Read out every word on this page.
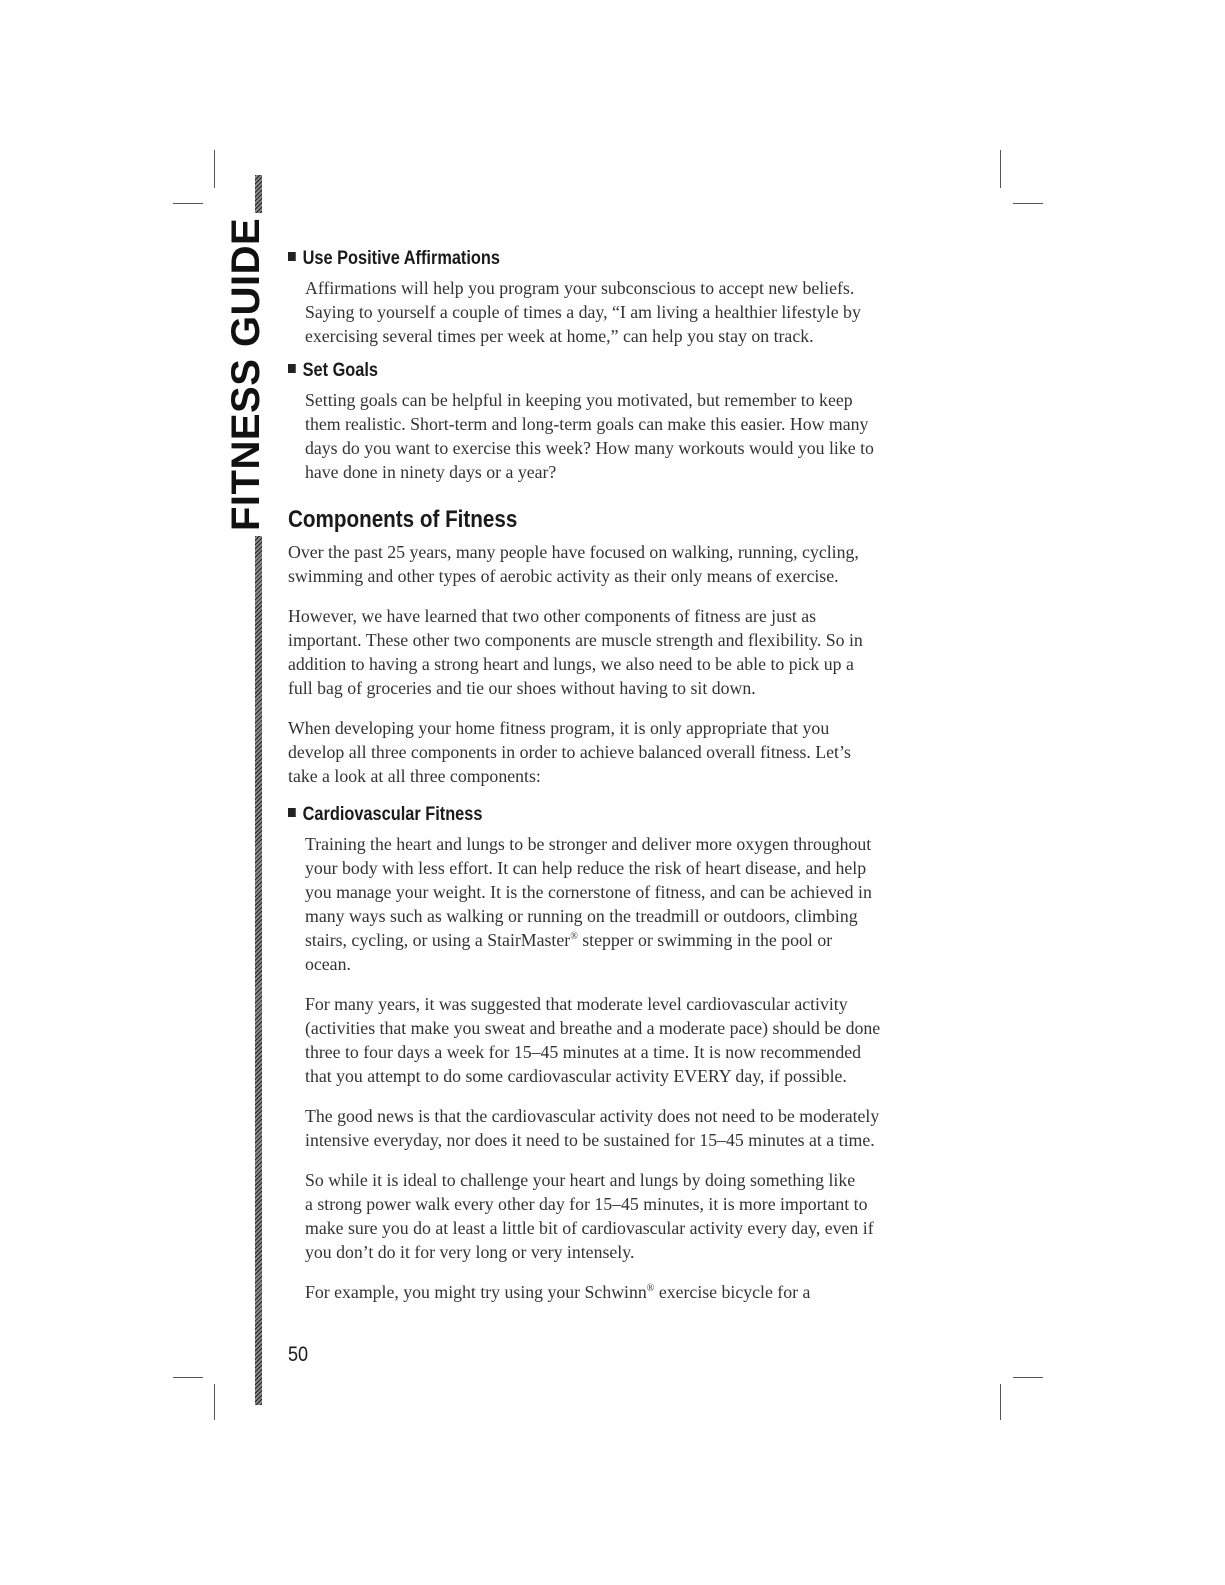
FITNESS GUIDE	Use Positive Affirmations

Affirmations will help you program your subconscious to accept new beliefs.
Saying to yourself a couple of times a day, “I am living a healthier lifestyle by
exercising several times per week at home,” can help you stay on track.

Set Goals

Setting goals can be helpful in keeping you motivated, but remember to keep
them realistic. Short-term and long-term goals can make this easier. How many
days do you want to exercise this week? How many workouts would you like to
have done in ninety days or a year?

Components of Fitness

Over the past 25 years, many people have focused on walking, running, cycling,
swimming and other types of aerobic activity as their only means of exercise.

However, we have learned that two other components of fitness are just as
important. These other two components are muscle strength and flexibility. So in
addition to having a strong heart and lungs, we also need to be able to pick up a
full bag of groceries and tie our shoes without having to sit down.

When developing your home fitness program, it is only appropriate that you
develop all three components in order to achieve balanced overall fitness. Let’s
take a look at all three components:

Cardiovascular Fitness

Training the heart and lungs to be stronger and deliver more oxygen throughout
your body with less effort. It can help reduce the risk of heart disease, and help
you manage your weight. It is the cornerstone of fitness, and can be achieved in
many ways such as walking or running on the treadmill or outdoors, climbing
stairs, cycling, or using a StairMaster® stepper or swimming in the pool or
ocean.

For many years, it was suggested that moderate level cardiovascular activity
(activities that make you sweat and breathe and a moderate pace) should be done
three to four days a week for 15–45 minutes at a time. It is now recommended
that you attempt to do some cardiovascular activity EVERY day, if possible.

The good news is that the cardiovascular activity does not need to be moderately
intensive everyday, nor does it need to be sustained for 15–45 minutes at a time.

So while it is ideal to challenge your heart and lungs by doing something like
a strong power walk every other day for 15–45 minutes, it is more important to
make sure you do at least a little bit of cardiovascular activity every day, even if
you don’t do it for very long or very intensely.

For example, you might try using your Schwinn® exercise bicycle for a

50
